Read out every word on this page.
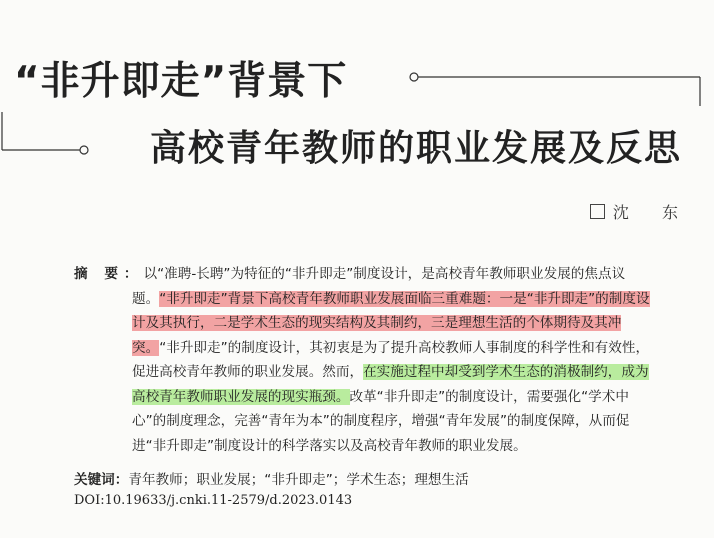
“非升即走”背景下
高校青年教师的职业发展及反思
沈 东
摘 要：以“准聘-长聘”为特征的“非升即走”制度设计，是高校青年教师职业发展的焦点议题。“非升即走”背景下高校青年教师职业发展面临三重难题：一是“非升即走”的制度设计及其执行，二是学术生态的现实结构及其制约，三是理想生活的个体期待及其冲突。“非升即走”的制度设计，其初衷是为了提升高校教师人事制度的科学性和有效性，促进高校青年教师的职业发展。然而，在实施过程中却受到学术生态的消极制约，成为高校青年教师职业发展的现实瓶颈。改革“非升即走”的制度设计，需要强化“学术中心”的制度理念，完善“青年为本”的制度程序，增强“青年发展”的制度保障，从而促进“非升即走”制度设计的科学落实以及高校青年教师的职业发展。
关键词：青年教师；职业发展；“非升即走”；学术生态；理想生活
DOI:10.19633/j.cnki.11-2579/d.2023.0143
